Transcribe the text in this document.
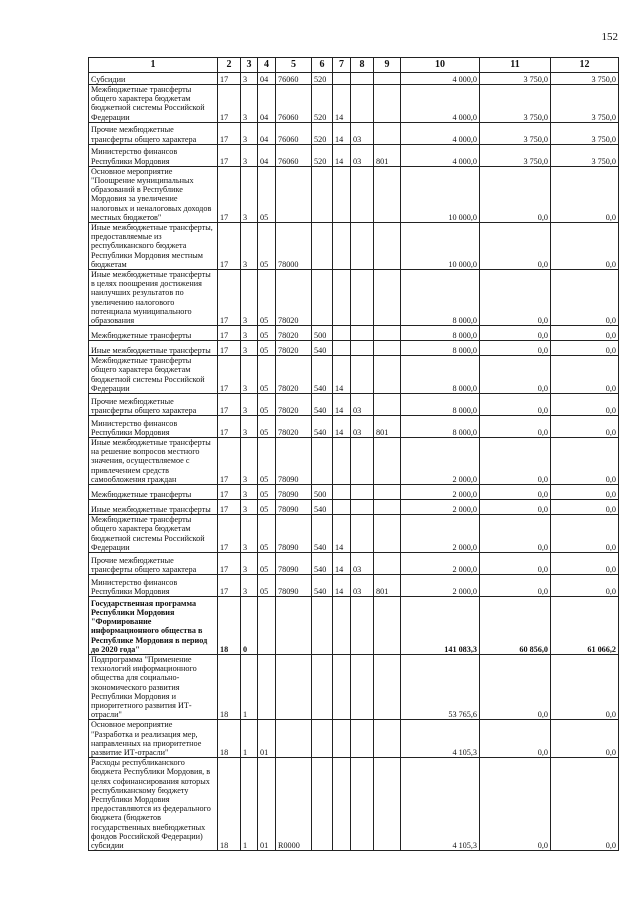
152
1	2	3	4	5	6	7	8	9	10	11	12
Субсидии	17	3	04	76060	520				4 000,0	3 750,0	3 750,0
Межбюджетные трансферты общего характера бюджетам бюджетной системы Российской Федерации	17	3	04	76060	520	14			4 000,0	3 750,0	3 750,0
Прочие межбюджетные трансферты общего характера	17	3	04	76060	520	14	03		4 000,0	3 750,0	3 750,0
Министерство финансов Республики Мордовия	17	3	04	76060	520	14	03	801	4 000,0	3 750,0	3 750,0
Основное мероприятие "Поощрение муниципальных образований в Республике Мордовия за увеличение налоговых и неналоговых доходов местных бюджетов"	17	3	05						10 000,0	0,0	0,0
Иные межбюджетные трансферты, предоставляемые из республиканского бюджета Республики Мордовия местным бюджетам	17	3	05	78000					10 000,0	0,0	0,0
Иные межбюджетные трансферты в целях поощрения достижения наилучших результатов по увеличению налогового потенциала муниципального образования	17	3	05	78020					8 000,0	0,0	0,0
Межбюджетные трансферты	17	3	05	78020	500				8 000,0	0,0	0,0
Иные межбюджетные трансферты	17	3	05	78020	540				8 000,0	0,0	0,0
Межбюджетные трансферты общего характера бюджетам бюджетной системы Российской Федерации	17	3	05	78020	540	14			8 000,0	0,0	0,0
Прочие межбюджетные трансферты общего характера	17	3	05	78020	540	14	03		8 000,0	0,0	0,0
Министерство финансов Республики Мордовия	17	3	05	78020	540	14	03	801	8 000,0	0,0	0,0
Иные межбюджетные трансферты на решение вопросов местного значения, осуществляемое с привлечением средств самообложения граждан	17	3	05	78090					2 000,0	0,0	0,0
Межбюджетные трансферты	17	3	05	78090	500				2 000,0	0,0	0,0
Иные межбюджетные трансферты	17	3	05	78090	540				2 000,0	0,0	0,0
Межбюджетные трансферты общего характера бюджетам бюджетной системы Российской Федерации	17	3	05	78090	540	14			2 000,0	0,0	0,0
Прочие межбюджетные трансферты общего характера	17	3	05	78090	540	14	03		2 000,0	0,0	0,0
Министерство финансов Республики Мордовия	17	3	05	78090	540	14	03	801	2 000,0	0,0	0,0
Государственная программа Республики Мордовия "Формирование информационного общества в Республике Мордовия в период до 2020 года"	18	0							141 083,3	60 856,0	61 066,2
Подпрограмма "Применение технологий информационного общества для социально-экономического развития Республики Мордовия и приоритетного развития ИТ-отрасли"	18	1							53 765,6	0,0	0,0
Основное мероприятие "Разработка и реализация мер, направленных на приоритетное развитие ИТ-отрасли"	18	1	01						4 105,3	0,0	0,0
Расходы республиканского бюджета Республики Мордовия, в целях софинансирования которых республиканскому бюджету Республики Мордовия предоставляются из федерального бюджета (бюджетов государственных внебюджетных фондов Российской Федерации) субсидии	18	1	01	R0000					4 105,3	0,0	0,0
